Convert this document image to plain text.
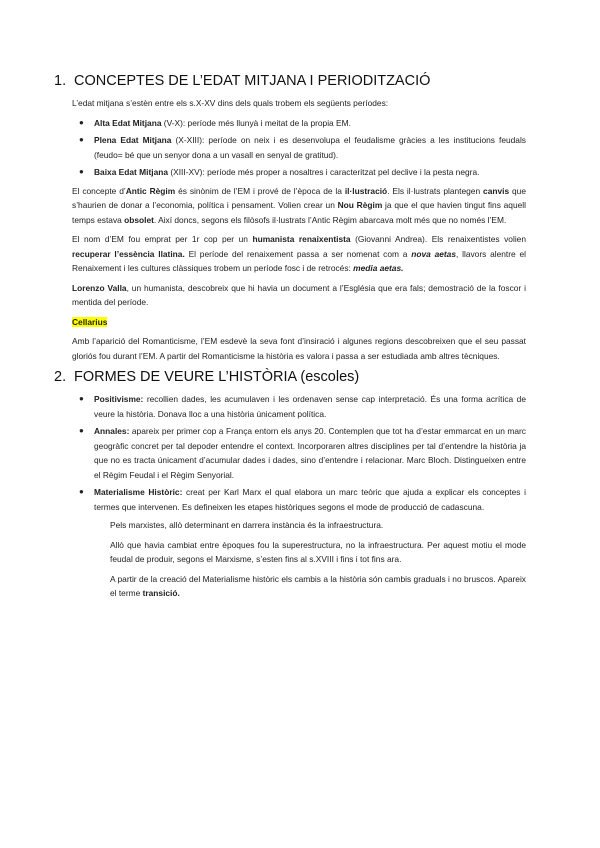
1. CONCEPTES DE L’EDAT MITJANA I PERIODITZACIÓ

L’edat mitjana s’estèn entre els s.X-XV dins dels quals trobem els següents períodes:

● Alta Edat Mitjana (V-X): període més llunyà i meitat de la propia EM.

● Plena Edat Mitjana (X-XIII): període on neix i es desenvolupa el feudalisme gràcies a les institucions feudals (feudo= bé que un senyor dona a un vasall en senyal de gratitud).

● Baixa Edat Mitjana (XIII-XV): període més proper a nosaltres i caracteritzat pel declive i la pesta negra.

El concepte d’Antic Règim és sinònim de l’EM i prové de l’època de la il·lustració. Els il·lustrats plantegen canvis que s’haurien de donar a l’economia, política i pensament. Volien crear un Nou Règim ja que el que havien tingut fins aquell temps estava obsolet. Així doncs, segons els filòsofs il·lustrats l’Antic Règim abarcava molt més que no només l’EM.

El nom d’EM fou emprat per 1r cop per un humanista renaixentista (Giovanni Andrea). Els renaixentistes volien recuperar l’essència llatina. El període del renaixement passa a ser nomenat com a nova aetas, llavors alentre el Renaixement i les cultures clàssiques trobem un període fosc i de retrocés: media aetas.

Lorenzo Valla, un humanista, descobreix que hi havia un document a l’Església que era fals; demostració de la foscor i mentida del període.

Cellarius

Amb l’aparició del Romanticisme, l’EM esdevè la seva font d’insiració i algunes regions descobreixen que el seu passat gloriós fou durant l’EM. A partir del Romanticisme la història es valora i passa a ser estudiada amb altres tècniques.

2. FORMES DE VEURE L’HISTÒRIA (escoles)
● Positivisme: recollien dades, les acumulaven i les ordenaven sense cap interpretació. És una forma acrítica de veure la història. Donava lloc a una història únicament política.

● Annales: apareix per primer cop a França entorn els anys 20. Contemplen que tot ha d’estar emmarcat en un marc geogràfic concret per tal depoder entendre el context. Incorporaren altres disciplines per tal d’entendre la història ja que no es tracta únicament d’acumular dades i dades, sino d’entendre i relacionar. Marc Bloch. Distingueixen entre el Règim Feudal i el Règim Senyorial.

● Materialisme Històric: creat per Karl Marx el qual elabora un marc teòric que ajuda a explicar els conceptes i termes que intervenen. Es defineixen les etapes històriques segons el mode de producció de cadascuna.

Pels marxistes, allò determinant en darrera instància és la infraestructura.

Allò que havia cambiat entre èpoques fou la superestructura, no la infraestructura. Per aquest motiu el mode feudal de produir, segons el Marxisme, s’esten fins al s.XVIII i fins i tot fins ara.

A partir de la creació del Materialisme històric els cambis a la història són cambis graduals i no bruscos. Apareix el terme transició.
